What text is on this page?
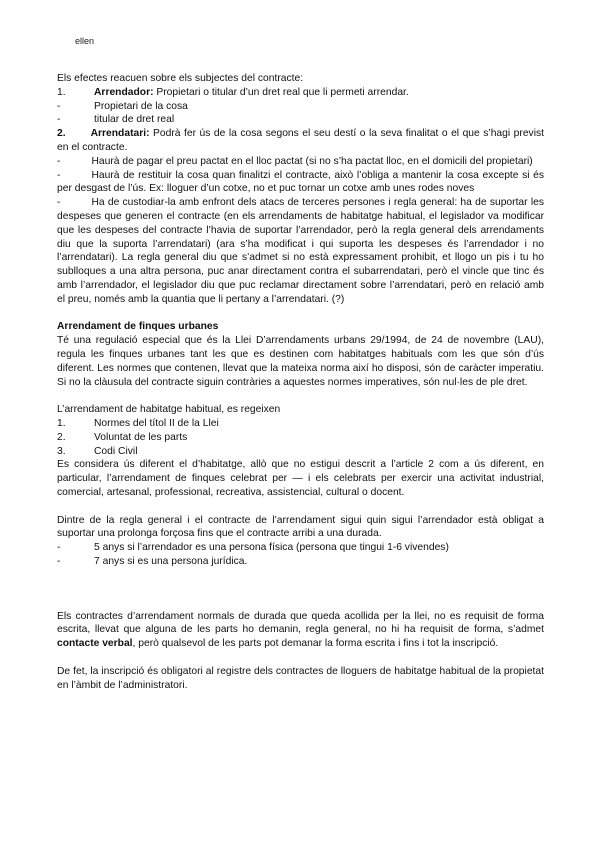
ellen

Els efectes reacuen sobre els subjectes del contracte:

1.	Arrendador: Propietari o titular d’un dret real que li permeti arrendar.
-	Propietari de la cosa
-	titular de dret real

2. Arrendatari: Podrà fer ús de la cosa segons el seu destí o la seva finalitat o el que s’hagi previst en el contracte.

-	Haurà de pagar el preu pactat en el lloc pactat (si no s’ha pactat lloc, en el domicili del propietari)

-	Haurà de restituir la cosa quan finalitzi el contracte, això l’obliga a mantenir la cosa excepte si és per desgast de l’ús. Ex: lloguer d’un cotxe, no et puc tornar un cotxe amb unes rodes noves

-	Ha de custodiar-la amb enfront dels atacs de terceres persones i regla general: ha de suportar les despeses que generen el contracte (en els arrendaments de habitatge habitual, el legislador va modificar que les despeses del contracte l’havia de suportar l’arrendador, però la regla general dels arrendaments diu que la suporta l’arrendatari) (ara s’ha modificat i qui suporta les despeses és l’arrendador i no l’arrendatari). La regla general diu que s’admet si no està expressament prohibit, et llogo un pis i tu ho sublloques a una altra persona, puc anar directament contra el subarrendatari, però el vincle que tinc és amb l’arrendador, el legislador diu que puc reclamar directament sobre l’arrendatari, però en relació amb el preu, només amb la quantia que li pertany a l’arrendatari. (?)

Arrendament de finques urbanes

Té una regulació especial que és la Llei D’arrendaments urbans 29/1994, de 24 de novembre (LAU), regula les finques urbanes tant les que es destinen com habitatges habituals com les que són d’ús diferent. Les normes que contenen, llevat que la mateixa norma així ho disposi, són de caràcter imperatiu. Si no la clàusula del contracte siguin contràries a aquestes normes imperatives, són nul·les de ple dret.

L’arrendament de habitatge habitual, es regeixen

1.	Normes del títol II de la Llei
2.	Voluntat de les parts
3.	Codi Civil

Es considera ús diferent el d’habitatge, allò que no estigui descrit a l’article 2 com a ús diferent, en particular, l’arrendament de finques celebrat per — i els celebrats per exercir una activitat industrial, comercial, artesanal, professional, recreativa, assistencial, cultural o docent.

Dintre de la regla general i el contracte de l’arrendament sigui quin sigui l’arrendador està obligat a suportar una prolonga forçosa fins que el contracte arribi a una durada.

-	5 anys si l’arrendador es una persona física (persona que tingui 1-6 vivendes)
-	7 anys si es una persona jurídica.

Els contractes d’arrendament normals de durada que queda acollida per la llei, no es requisit de forma escrita, llevat que alguna de les parts ho demanin, regla general, no hi ha requisit de forma, s’admet contacte verbal, però qualsevol de les parts pot demanar la forma escrita i fins i tot la inscripció.

De fet, la inscripció és obligatori al registre dels contractes de lloguers de habitatge habitual de la propietat en l’àmbit de l’administratori.
